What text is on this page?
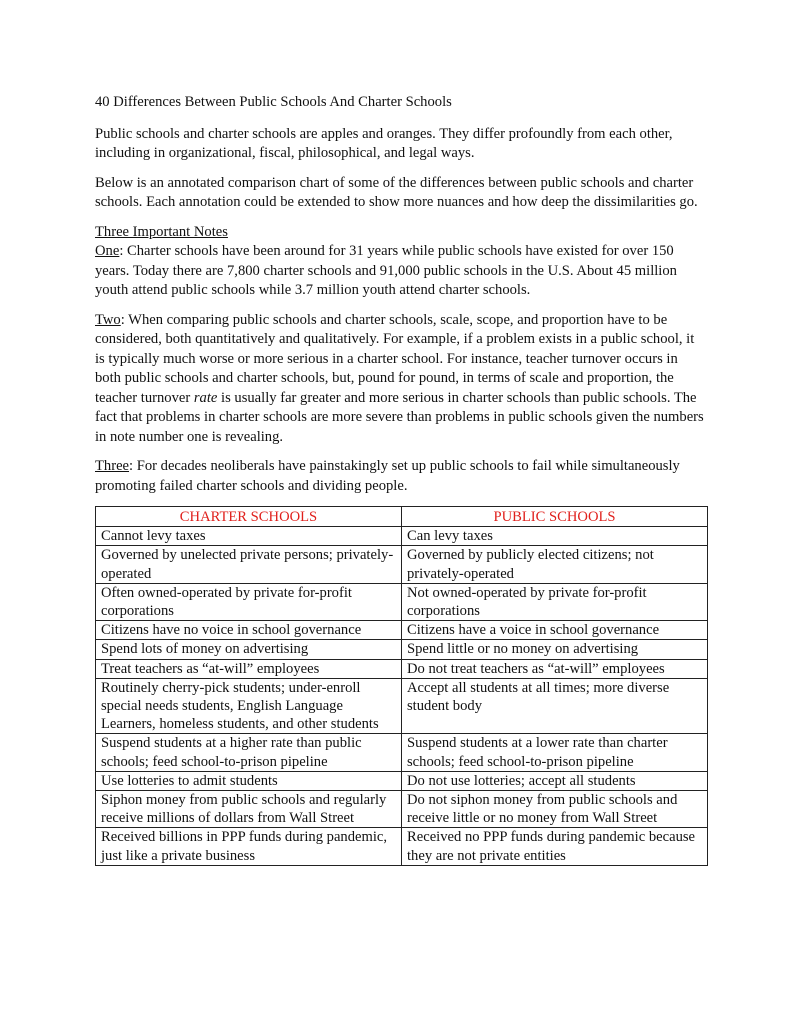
40 Differences Between Public Schools And Charter Schools

Public schools and charter schools are apples and oranges. They differ profoundly from each other, including in organizational, fiscal, philosophical, and legal ways.

Below is an annotated comparison chart of some of the differences between public schools and charter schools. Each annotation could be extended to show more nuances and how deep the dissimilarities go.

Three Important Notes

One: Charter schools have been around for 31 years while public schools have existed for over 150 years. Today there are 7,800 charter schools and 91,000 public schools in the U.S. About 45 million youth attend public schools while 3.7 million youth attend charter schools.

Two: When comparing public schools and charter schools, scale, scope, and proportion have to be considered, both quantitatively and qualitatively. For example, if a problem exists in a public school, it is typically much worse or more serious in a charter school. For instance, teacher turnover occurs in both public schools and charter schools, but, pound for pound, in terms of scale and proportion, the teacher turnover rate is usually far greater and more serious in charter schools than public schools. The fact that problems in charter schools are more severe than problems in public schools given the numbers in note number one is revealing.

Three: For decades neoliberals have painstakingly set up public schools to fail while simultaneously promoting failed charter schools and dividing people.

CHARTER SCHOOLS	PUBLIC SCHOOLS
Cannot levy taxes	Can levy taxes
Governed by unelected private persons; privately-operated	Governed by publicly elected citizens; not privately-operated
Often owned-operated by private for-profit corporations	Not owned-operated by private for-profit corporations
Citizens have no voice in school governance	Citizens have a voice in school governance
Spend lots of money on advertising	Spend little or no money on advertising
Treat teachers as “at-will” employees	Do not treat teachers as “at-will” employees
Routinely cherry-pick students; under-enroll special needs students, English Language Learners, homeless students, and other students	Accept all students at all times; more diverse student body
Suspend students at a higher rate than public schools; feed school-to-prison pipeline	Suspend students at a lower rate than charter schools; feed school-to-prison pipeline
Use lotteries to admit students	Do not use lotteries; accept all students
Siphon money from public schools and regularly receive millions of dollars from Wall Street	Do not siphon money from public schools and receive little or no money from Wall Street
Received billions in PPP funds during pandemic, just like a private business	Received no PPP funds during pandemic because they are not private entities
